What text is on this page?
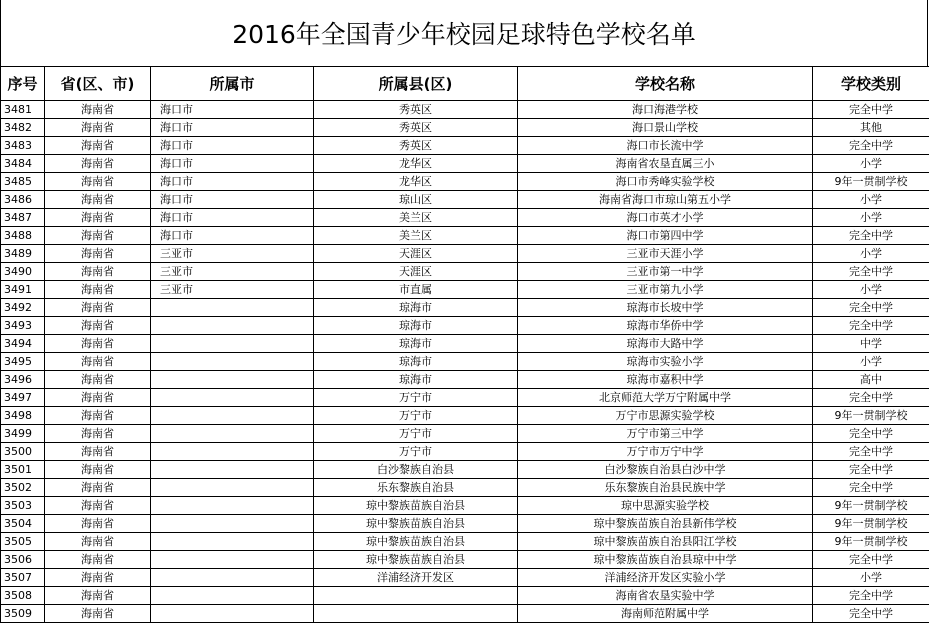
2016年全国青少年校园足球特色学校名单
序号	省(区、市)	所属市	所属县(区)	学校名称	学校类别
3481	海南省	海口市	秀英区	海口海港学校	完全中学
3482	海南省	海口市	秀英区	海口景山学校	其他
3483	海南省	海口市	秀英区	海口市长流中学	完全中学
3484	海南省	海口市	龙华区	海南省农垦直属三小	小学
3485	海南省	海口市	龙华区	海口市秀峰实验学校	9年一贯制学校
3486	海南省	海口市	琼山区	海南省海口市琼山第五小学	小学
3487	海南省	海口市	美兰区	海口市英才小学	小学
3488	海南省	海口市	美兰区	海口市第四中学	完全中学
3489	海南省	三亚市	天涯区	三亚市天涯小学	小学
3490	海南省	三亚市	天涯区	三亚市第一中学	完全中学
3491	海南省	三亚市	市直属	三亚市第九小学	小学
3492	海南省		琼海市	琼海市长坡中学	完全中学
3493	海南省		琼海市	琼海市华侨中学	完全中学
3494	海南省		琼海市	琼海市大路中学	中学
3495	海南省		琼海市	琼海市实验小学	小学
3496	海南省		琼海市	琼海市嘉积中学	高中
3497	海南省		万宁市	北京师范大学万宁附属中学	完全中学
3498	海南省		万宁市	万宁市思源实验学校	9年一贯制学校
3499	海南省		万宁市	万宁市第三中学	完全中学
3500	海南省		万宁市	万宁市万宁中学	完全中学
3501	海南省		白沙黎族自治县	白沙黎族自治县白沙中学	完全中学
3502	海南省		乐东黎族自治县	乐东黎族自治县民族中学	完全中学
3503	海南省		琼中黎族苗族自治县	琼中思源实验学校	9年一贯制学校
3504	海南省		琼中黎族苗族自治县	琼中黎族苗族自治县新伟学校	9年一贯制学校
3505	海南省		琼中黎族苗族自治县	琼中黎族苗族自治县阳江学校	9年一贯制学校
3506	海南省		琼中黎族苗族自治县	琼中黎族苗族自治县琼中中学	完全中学
3507	海南省		洋浦经济开发区	洋浦经济开发区实验小学	小学
3508	海南省			海南省农垦实验中学	完全中学
3509	海南省			海南师范附属中学	完全中学
